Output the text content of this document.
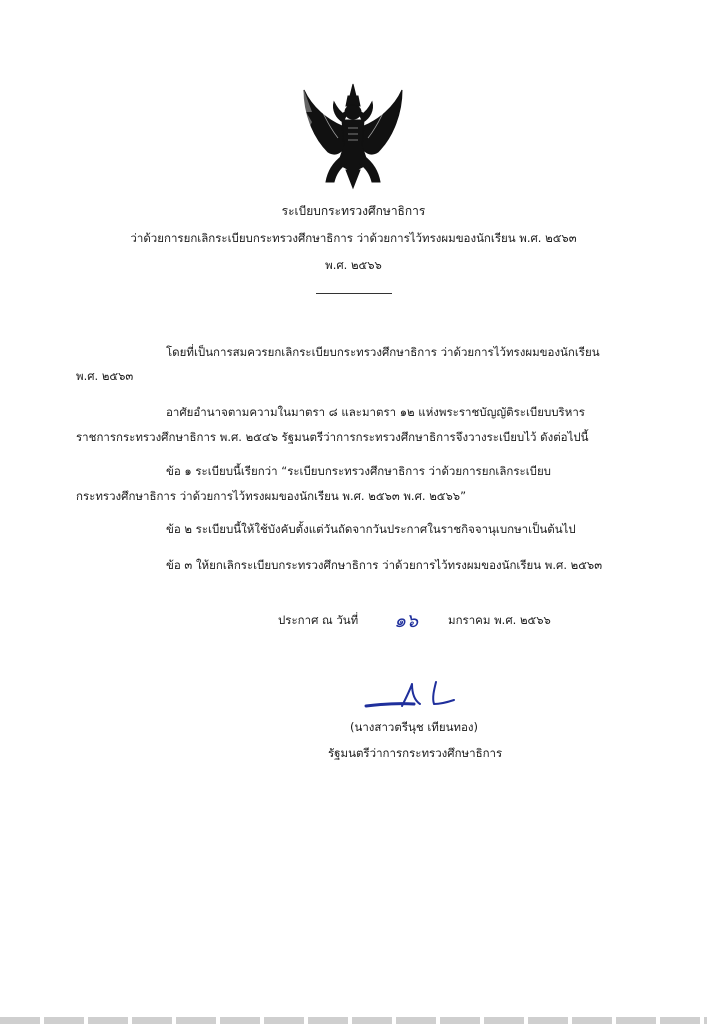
ระเบียบกระทรวงศึกษาธิการ
ว่าด้วยการยกเลิกระเบียบกระทรวงศึกษาธิการ ว่าด้วยการไว้ทรงผมของนักเรียน พ.ศ. ๒๕๖๓
พ.ศ. ๒๕๖๖
โดยที่เป็นการสมควรยกเลิกระเบียบกระทรวงศึกษาธิการ ว่าด้วยการไว้ทรงผมของนักเรียน
พ.ศ. ๒๕๖๓
อาศัยอำนาจตามความในมาตรา ๘ และมาตรา ๑๒ แห่งพระราชบัญญัติระเบียบบริหาร
ราชการกระทรวงศึกษาธิการ พ.ศ. ๒๕๔๖ รัฐมนตรีว่าการกระทรวงศึกษาธิการจึงวางระเบียบไว้ ดังต่อไปนี้
ข้อ ๑ ระเบียบนี้เรียกว่า “ระเบียบกระทรวงศึกษาธิการ ว่าด้วยการยกเลิกระเบียบ
กระทรวงศึกษาธิการ ว่าด้วยการไว้ทรงผมของนักเรียน พ.ศ. ๒๕๖๓ พ.ศ. ๒๕๖๖”
ข้อ ๒ ระเบียบนี้ให้ใช้บังคับตั้งแต่วันถัดจากวันประกาศในราชกิจจานุเบกษาเป็นต้นไป
ข้อ ๓ ให้ยกเลิกระเบียบกระทรวงศึกษาธิการ ว่าด้วยการไว้ทรงผมของนักเรียน พ.ศ. ๒๕๖๓
ประกาศ ณ วันที่ ๑๖	มกราคม พ.ศ. ๒๕๖๖
(นางสาวตรีนุช เทียนทอง)
รัฐมนตรีว่าการกระทรวงศึกษาธิการ
